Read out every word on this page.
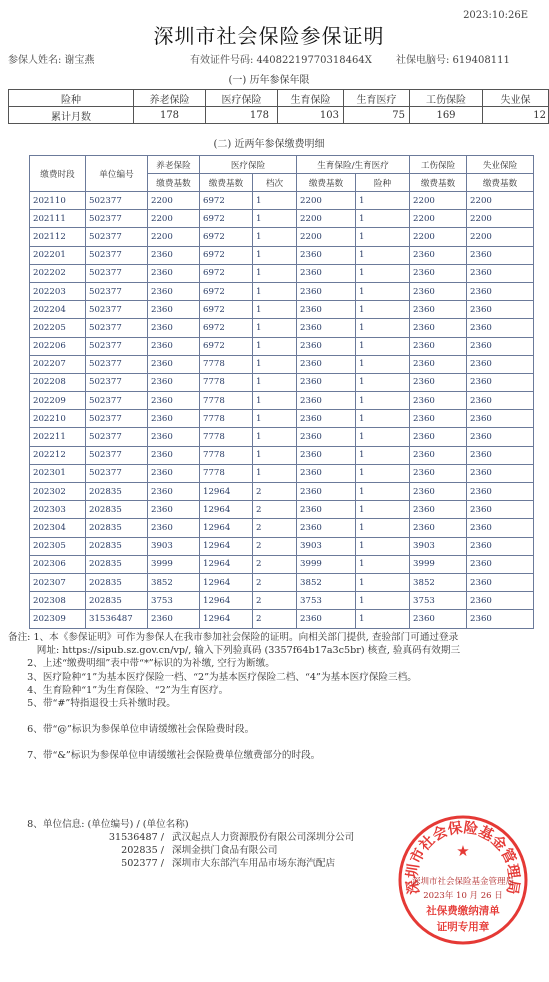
2023:10:26E
深圳市社会保险参保证明
参保人姓名: 谢宝燕	有效证件号码: 440822197703184​64X 社保电脑号: 619408111
(一) 历年参保年限
险种	养老保险	医疗保险	生育保险	生育医疗	工伤保险	失业保
累计月数	178	178	103	75	169	12
(二) 近两年参保缴费明细
缴费时段	单位编号	养老保险	医疗保险		生育保险/生育医疗		工伤保险	失业保险
		缴费基数	缴费基数	档次	缴费基数	险种	缴费基数	缴费基数
202110	502377	2200	6972	1	2200	1	2200	2200
202111	502377	2200	6972	1	2200	1	2200	2200
202112	502377	2200	6972	1	2200	1	2200	2200
202201	502377	2360	6972	1	2360	1	2360	2360
202202	502377	2360	6972	1	2360	1	2360	2360
202203	502377	2360	6972	1	2360	1	2360	2360
202204	502377	2360	6972	1	2360	1	2360	2360
202205	502377	2360	6972	1	2360	1	2360	2360
202206	502377	2360	6972	1	2360	1	2360	2360
202207	502377	2360	7778	1	2360	1	2360	2360
202208	502377	2360	7778	1	2360	1	2360	2360
202209	502377	2360	7778	1	2360	1	2360	2360
202210	502377	2360	7778	1	2360	1	2360	2360
202211	502377	2360	7778	1	2360	1	2360	2360
202212	502377	2360	7778	1	2360	1	2360	2360
202301	502377	2360	7778	1	2360	1	2360	2360
202302	202835	2360	12964	2	2360	1	2360	2360
202303	202835	2360	12964	2	2360	1	2360	2360
202304	202835	2360	12964	2	2360	1	2360	2360
202305	202835	3903	12964	2	3903	1	3903	2360
202306	202835	3999	12964	2	3999	1	3999	2360
202307	202835	3852	12964	2	3852	1	3852	2360
202308	202835	3753	12964	2	3753	1	3753	2360
202309	31536487	2360	12964	2	2360	1	2360	2360
备注: 1、本《参保证明》可作为参保人在我市参加社会保险的证明。向相关部门提供, 查验部门可通过登录
　　　网址: https://sipub.sz.gov.cn/vp/, 输入下列验真码 (3357f64b17a3c5br) 核查, 验真码有效期三
　　2、上述“缴费明细”表中带“*”标识的为补缴, 空行为断缴。
　　3、医疗险种“1”为基本医疗保险一档、“2”为基本医疗保险二档、“4”为基本医疗保险三档。
　　4、生育险种“1”为生育保险、“2”为生育医疗。
　　5、带“#”特指退役士兵补缴时段。
　　6、带“@”标识为参保单位申请缓缴社会保险费时段。
　　7、带“&”标识为参保单位申请缓缴社会保险费单位缴费部分的时段。
　　8、单位信息: (单位编号) / (单位名称)
31536487 / 武汉起点人力资源股份有限公司深圳分公司
202835 / 深圳金拱门食品有限公司
502377 / 深圳市大东部汽车用品市场东海汽配店
深圳市社会保险基金管理局
★
深圳市社会保险基金管理局
2023年 10 月 26 日
社保费缴纳清单
证明专用章
